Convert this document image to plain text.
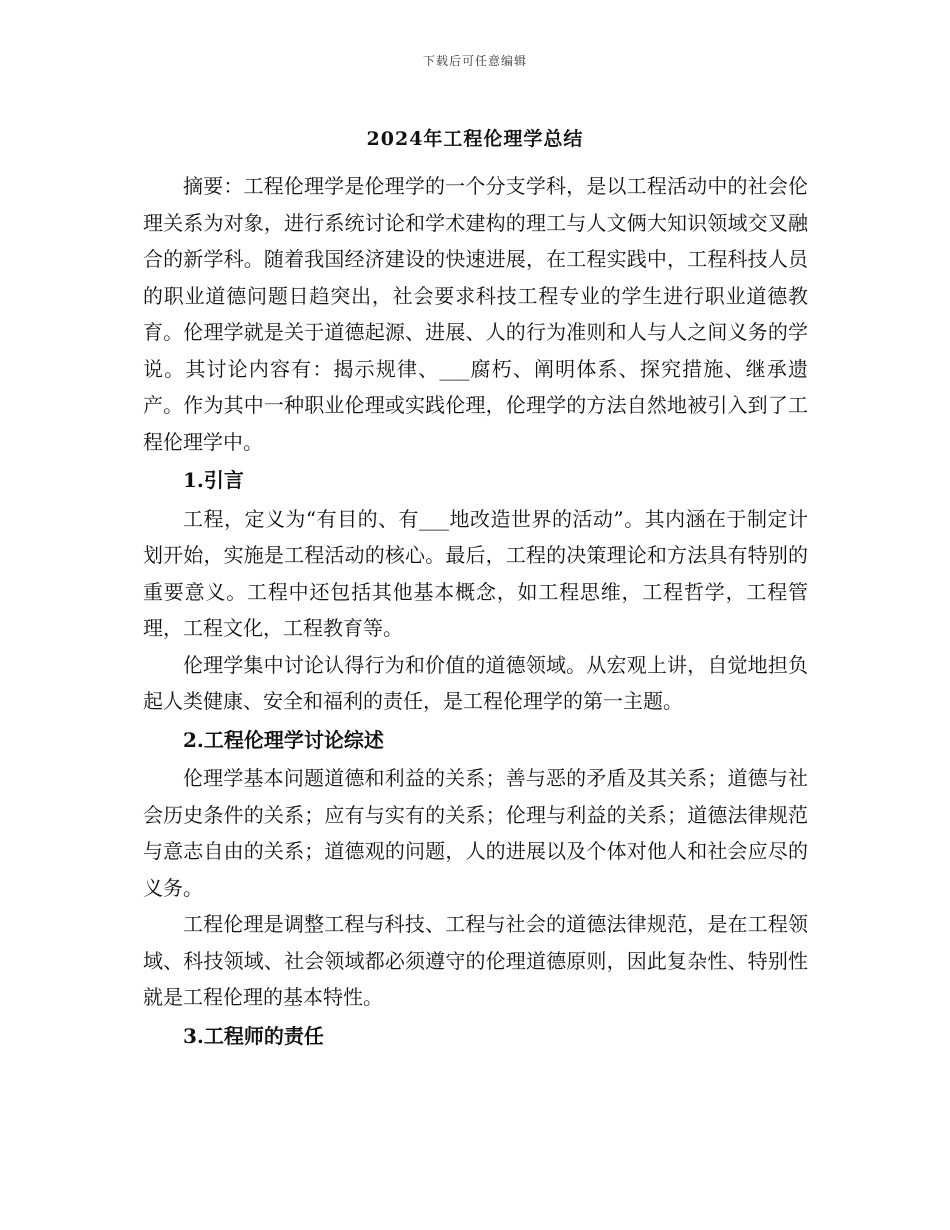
下载后可任意编辑
2024年工程伦理学总结

摘要：工程伦理学是伦理学的一个分支学科，是以工程活动中的社会伦理关系为对象，进行系统讨论和学术建构的理工与人文俩大知识领域交叉融合的新学科。随着我国经济建设的快速进展，在工程实践中，工程科技人员的职业道德问题日趋突出，社会要求科技工程专业的学生进行职业道德教育。伦理学就是关于道德起源、进展、人的行为准则和人与人之间义务的学说。其讨论内容有：揭示规律、___腐朽、阐明体系、探究措施、继承遗产。作为其中一种职业伦理或实践伦理，伦理学的方法自然地被引入到了工程伦理学中。

1.引言

工程，定义为“有目的、有___地改造世界的活动”。其内涵在于制定计划开始，实施是工程活动的核心。最后，工程的决策理论和方法具有特别的重要意义。工程中还包括其他基本概念，如工程思维，工程哲学，工程管理，工程文化，工程教育等。

伦理学集中讨论认得行为和价值的道德领域。从宏观上讲，自觉地担负起人类健康、安全和福利的责任，是工程伦理学的第一主题。

2.工程伦理学讨论综述

伦理学基本问题道德和利益的关系；善与恶的矛盾及其关系；道德与社会历史条件的关系；应有与实有的关系；伦理与利益的关系；道德法律规范与意志自由的关系；道德观的问题，人的进展以及个体对他人和社会应尽的义务。

工程伦理是调整工程与科技、工程与社会的道德法律规范，是在工程领域、科技领域、社会领域都必须遵守的伦理道德原则，因此复杂性、特别性就是工程伦理的基本特性。

3.工程师的责任
